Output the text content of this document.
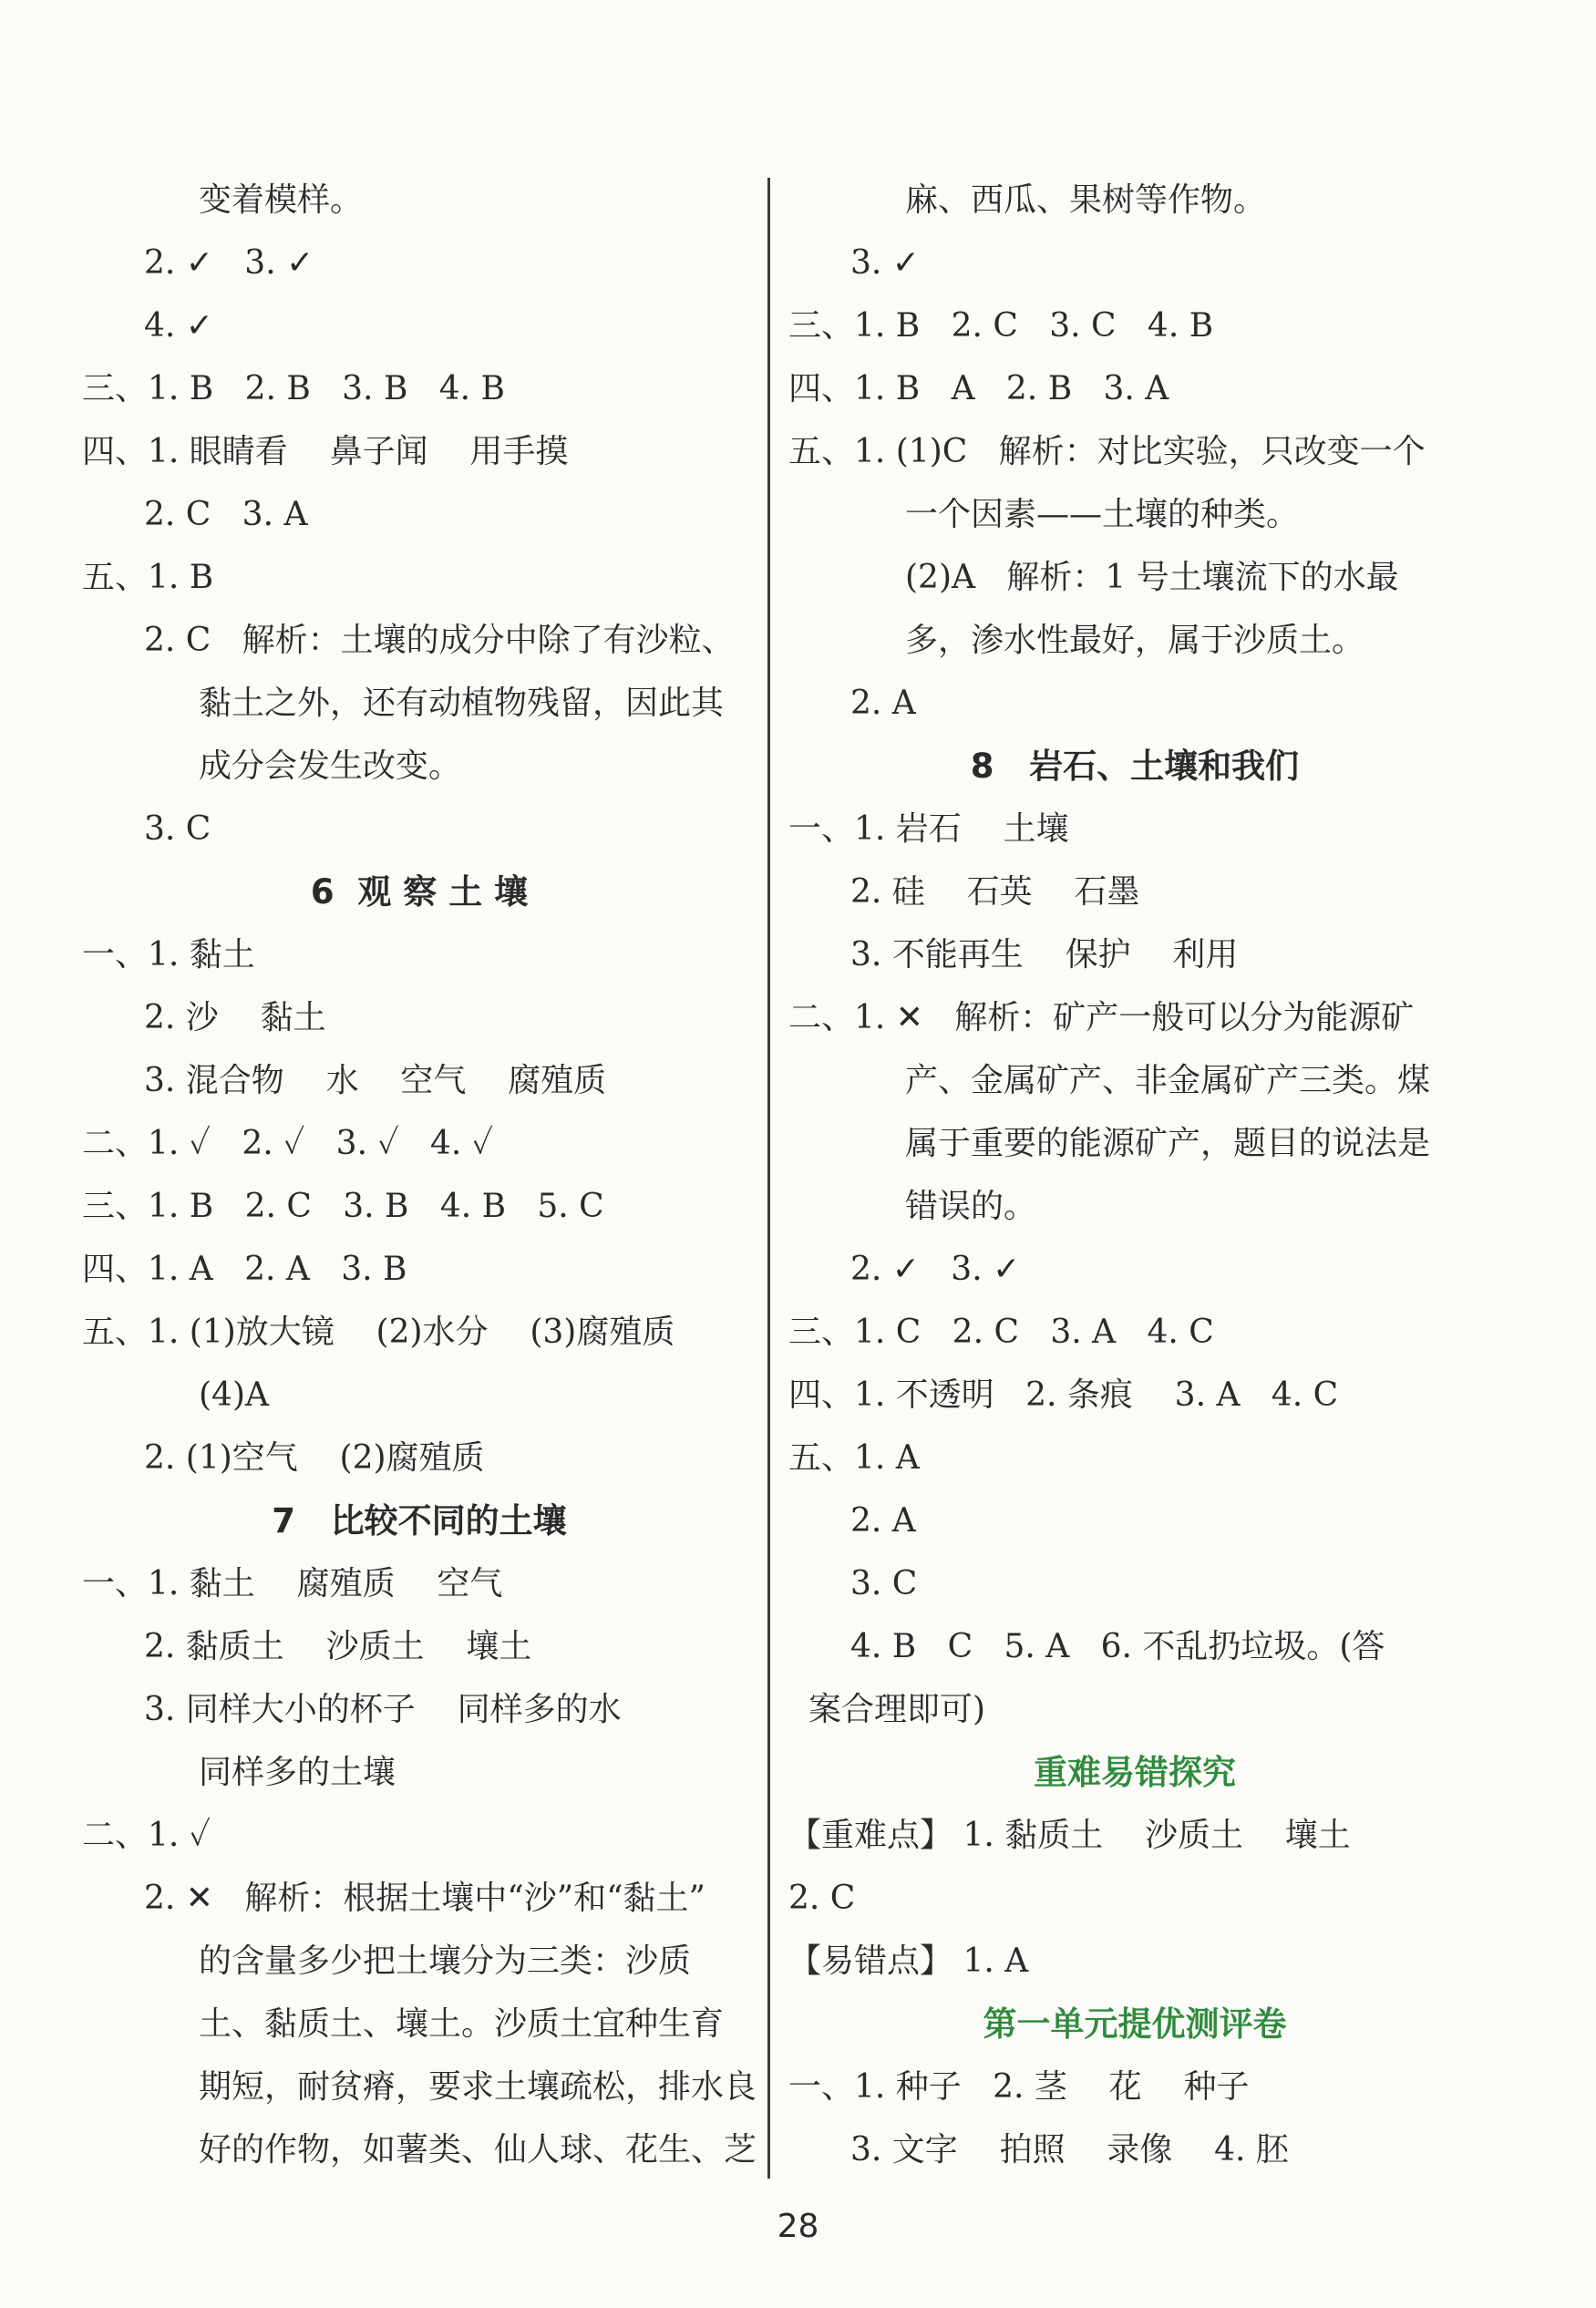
变着模样。
2. ✓   3. ✓
4. ✓
三、1. B   2. B   3. B   4. B
四、1. 眼睛看    鼻子闻    用手摸
2. C   3. A
五、1. B
2. C   解析：土壤的成分中除了有沙粒、
黏土之外，还有动植物残留，因此其
成分会发生改变。
3. C
6  观 察 土 壤
一、1. 黏土
2. 沙    黏土
3. 混合物    水    空气    腐殖质
二、1. ✓   2. ✓   3. ✓   4. ✓
三、1. B   2. C   3. B   4. B   5. C
四、1. A   2. A   3. B
五、1. (1)放大镜    (2)水分    (3)腐殖质
(4)A
2. (1)空气    (2)腐殖质
7   比较不同的土壤
一、1. 黏土    腐殖质    空气
2. 黏质土    沙质土    壤土
3. 同样大小的杯子    同样多的水
同样多的土壤
二、1. ✓
2. ✕   解析：根据土壤中“沙”和“黏土”
的含量多少把土壤分为三类：沙质
土、黏质土、壤土。沙质土宜种生育
期短，耐贫瘠，要求土壤疏松，排水良
好的作物，如薯类、仙人球、花生、芝
麻、西瓜、果树等作物。
3. ✓
三、1. B   2. C   3. C   4. B
四、1. B   A   2. B   3. A
五、1. (1)C   解析：对比实验，只改变一个
一个因素——土壤的种类。
(2)A   解析：1 号土壤流下的水最
多，渗水性最好，属于沙质土。
2. A
8   岩石、土壤和我们
一、1. 岩石    土壤
2. 硅    石英    石墨
3. 不能再生    保护    利用
二、1. ✕   解析：矿产一般可以分为能源矿
产、金属矿产、非金属矿产三类。煤
属于重要的能源矿产，题目的说法是
错误的。
2. ✓   3. ✓
三、1. C   2. C   3. A   4. C
四、1. 不透明   2. 条痕    3. A   4. C
五、1. A
2. A
3. C
4. B   C   5. A   6. 不乱扔垃圾。(答
案合理即可)
重难易错探究
【重难点】 1. 黏质土    沙质土    壤土
2. C
【易错点】 1. A
第一单元提优测评卷
一、1. 种子   2. 茎    花    种子
3. 文字    拍照    录像    4. 胚
28
